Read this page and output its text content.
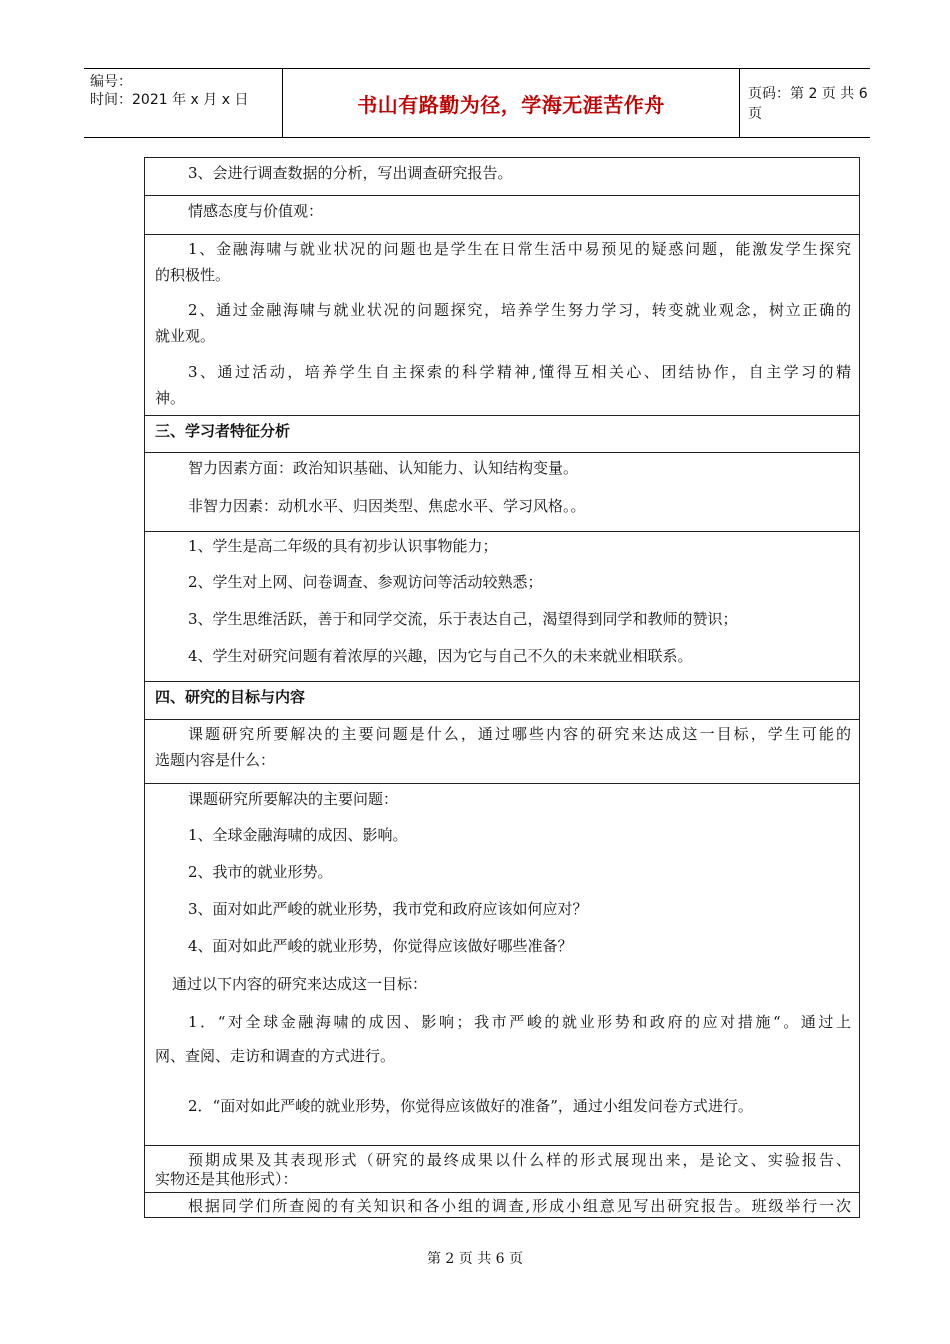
编号：
时间：2021 年 x 月 x 日	书山有路勤为径，学海无涯苦作舟	页码：第 2 页 共 6 页
3、会进行调查数据的分析，写出调查研究报告。
情感态度与价值观：
1、金融海啸与就业状况的问题也是学生在日常生活中易预见的疑惑问题，能激发学生探究
的积极性。
2、通过金融海啸与就业状况的问题探究，培养学生努力学习，转变就业观念，树立正确的
就业观。
3、通过活动，培养学生自主探索的科学精神,懂得互相关心、团结协作，自主学习的精
神。
三、学习者特征分析
智力因素方面：政治知识基础、认知能力、认知结构变量。
非智力因素：动机水平、归因类型、焦虑水平、学习风格。。
1、学生是高二年级的具有初步认识事物能力；
2、学生对上网、问卷调查、参观访问等活动较熟悉；
3、学生思维活跃，善于和同学交流，乐于表达自己，渴望得到同学和教师的赞识；
4、学生对研究问题有着浓厚的兴趣，因为它与自己不久的未来就业相联系。
四、研究的目标与内容
课题研究所要解决的主要问题是什么，通过哪些内容的研究来达成这一目标，学生可能的
选题内容是什么：
课题研究所要解决的主要问题：
1、全球金融海啸的成因、影响。
2、我市的就业形势。
3、面对如此严峻的就业形势，我市党和政府应该如何应对？
4、面对如此严峻的就业形势，你觉得应该做好哪些准备？
通过以下内容的研究来达成这一目标：
1．“对全球金融海啸的成因、影响；我市严峻的就业形势和政府的应对措施“。通过上
网、查阅、走访和调查的方式进行。
2．“面对如此严峻的就业形势，你觉得应该做好的准备”，通过小组发问卷方式进行。
预期成果及其表现形式（研究的最终成果以什么样的形式展现出来，是论文、实验报告、
实物还是其他形式）：
根据同学们所查阅的有关知识和各小组的调查,形成小组意见写出研究报告。班级举行一次
第 2 页 共 6 页
